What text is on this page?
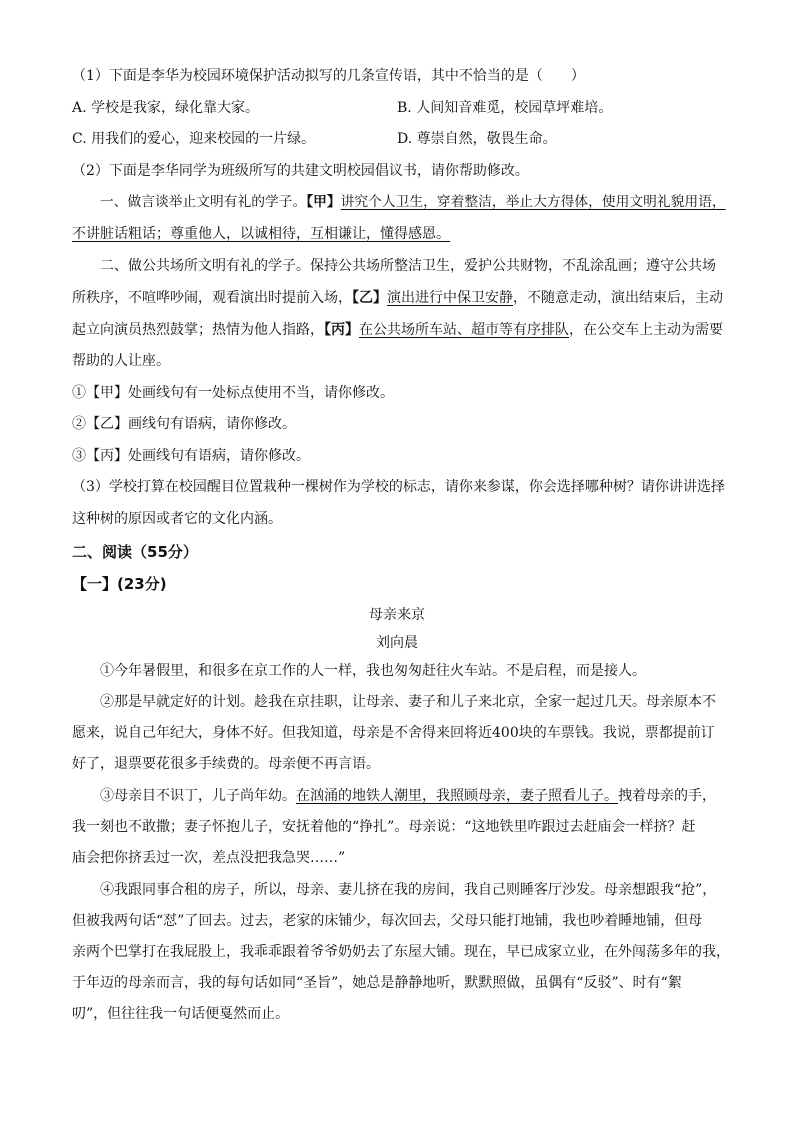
（1）下面是李华为校园环境保护活动拟写的几条宣传语，其中不恰当的是（　　）
A. 学校是我家，绿化靠大家。	B. 人间知音难觅，校园草坪难培。
C. 用我们的爱心，迎来校园的一片绿。	D. 尊崇自然，敬畏生命。
（2）下面是李华同学为班级所写的共建文明校园倡议书，请你帮助修改。
一、做言谈举止文明有礼的学子。【甲】讲究个人卫生，穿着整洁，举止大方得体，使用文明礼貌用语，
不讲脏话粗话；尊重他人，以诚相待，互相谦让，懂得感恩。
二、做公共场所文明有礼的学子。保持公共场所整洁卫生，爱护公共财物，不乱涂乱画；遵守公共场
所秩序，不喧哗吵闹，观看演出时提前入场，【乙】演出进行中保卫安静，不随意走动，演出结束后，主动
起立向演员热烈鼓掌；热情为他人指路，【丙】在公共场所车站、超市等有序排队，在公交车上主动为需要
帮助的人让座。
①【甲】处画线句有一处标点使用不当，请你修改。
②【乙】画线句有语病，请你修改。
③【丙】处画线句有语病，请你修改。
（3）学校打算在校园醒目位置栽种一棵树作为学校的标志，请你来参谋，你会选择哪种树？请你讲讲选择
这种树的原因或者它的文化内涵。
二、阅读（55分）
【一】(23分)
母亲来京
刘向晨
①今年暑假里，和很多在京工作的人一样，我也匆匆赶往火车站。不是启程，而是接人。
②那是早就定好的计划。趁我在京挂职，让母亲、妻子和儿子来北京，全家一起过几天。母亲原本不
愿来，说自己年纪大，身体不好。但我知道，母亲是不舍得来回将近400块的车票钱。我说，票都提前订
好了，退票要花很多手续费的。母亲便不再言语。
③母亲目不识丁，儿子尚年幼。在汹涌的地铁人潮里，我照顾母亲，妻子照看儿子。拽着母亲的手，
我一刻也不敢撒；妻子怀抱儿子，安抚着他的“挣扎”。母亲说：“这地铁里咋跟过去赶庙会一样挤？赶
庙会把你挤丢过一次，差点没把我急哭……”
④我跟同事合租的房子，所以，母亲、妻儿挤在我的房间，我自己则睡客厅沙发。母亲想跟我“抢”，
但被我两句话“怼”了回去。过去，老家的床铺少，每次回去，父母只能打地铺，我也吵着睡地铺，但母
亲两个巴掌打在我屁股上，我乖乖跟着爷爷奶奶去了东屋大铺。现在，早已成家立业，在外闯荡多年的我，
于年迈的母亲而言，我的每句话如同“圣旨”，她总是静静地听，默默照做，虽偶有“反驳”、时有“絮
叨”，但往往我一句话便戛然而止。
